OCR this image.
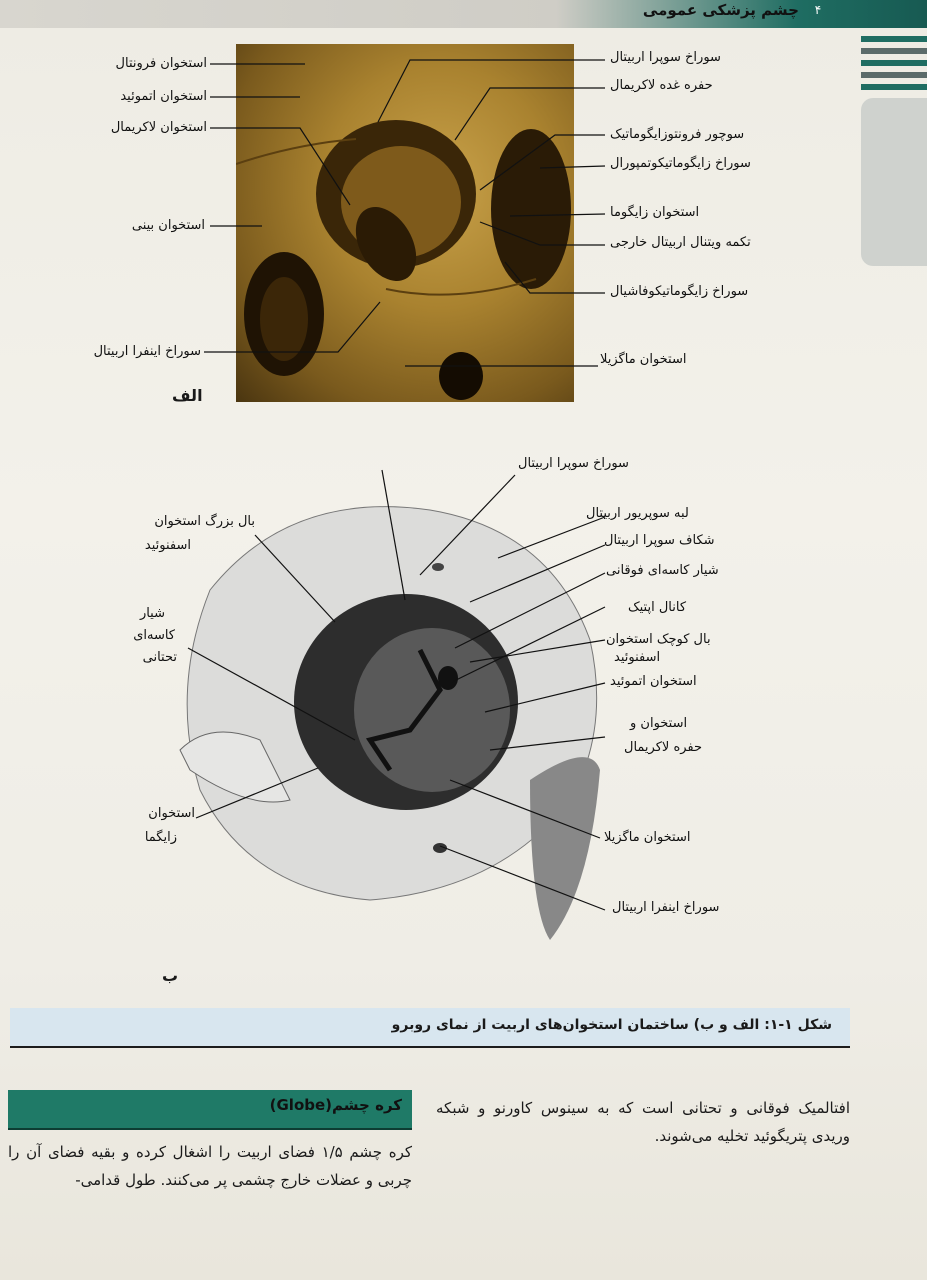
چشم پزشکی عمومی	۴
استخوان فرونتال
استخوان اتموئید
استخوان لاکریمال
استخوان بینی
سوراخ اینفرا اربیتال
سوراخ سوپرا اربیتال
حفره غده لاکریمال
سوچور فرونتوزایگوماتیک
سوراخ زایگوماتیکوتمپورال
استخوان زایگوما
تکمه ویتنال اربیتال خارجی
سوراخ زایگوماتیکوفاشیال
استخوان ماگزیلا
الف
سوراخ سوپرا اربیتال
لبه سوپریور اربیتال
شکاف سوپرا اربیتال
شیار کاسه‌ای فوقانی
کانال اپتیک
بال کوچک استخوان
اسفنوئید
استخوان اتموئید
استخوان و
حفره لاکریمال
استخوان ماگزیلا
سوراخ اینفرا اربیتال
بال بزرگ استخوان
اسفنوئید
شیار
کاسه‌ای
تحتانی
استخوان
زایگما
ب
شکل ۱-۱: الف و ب) ساختمان استخوان‌های اربیت از نمای روبرو
افتالمیک فوقانی و تحتانی است که به سینوس کاورنو و شبکه وریدی پتریگوئید تخلیه می‌شوند.
کره چشم(Globe)
کره چشم ۱/۵ فضای اربیت را اشغال کرده و بقیه فضای آن را چربی و عضلات خارج چشمی پر می‌کنند. طول قدامی-
